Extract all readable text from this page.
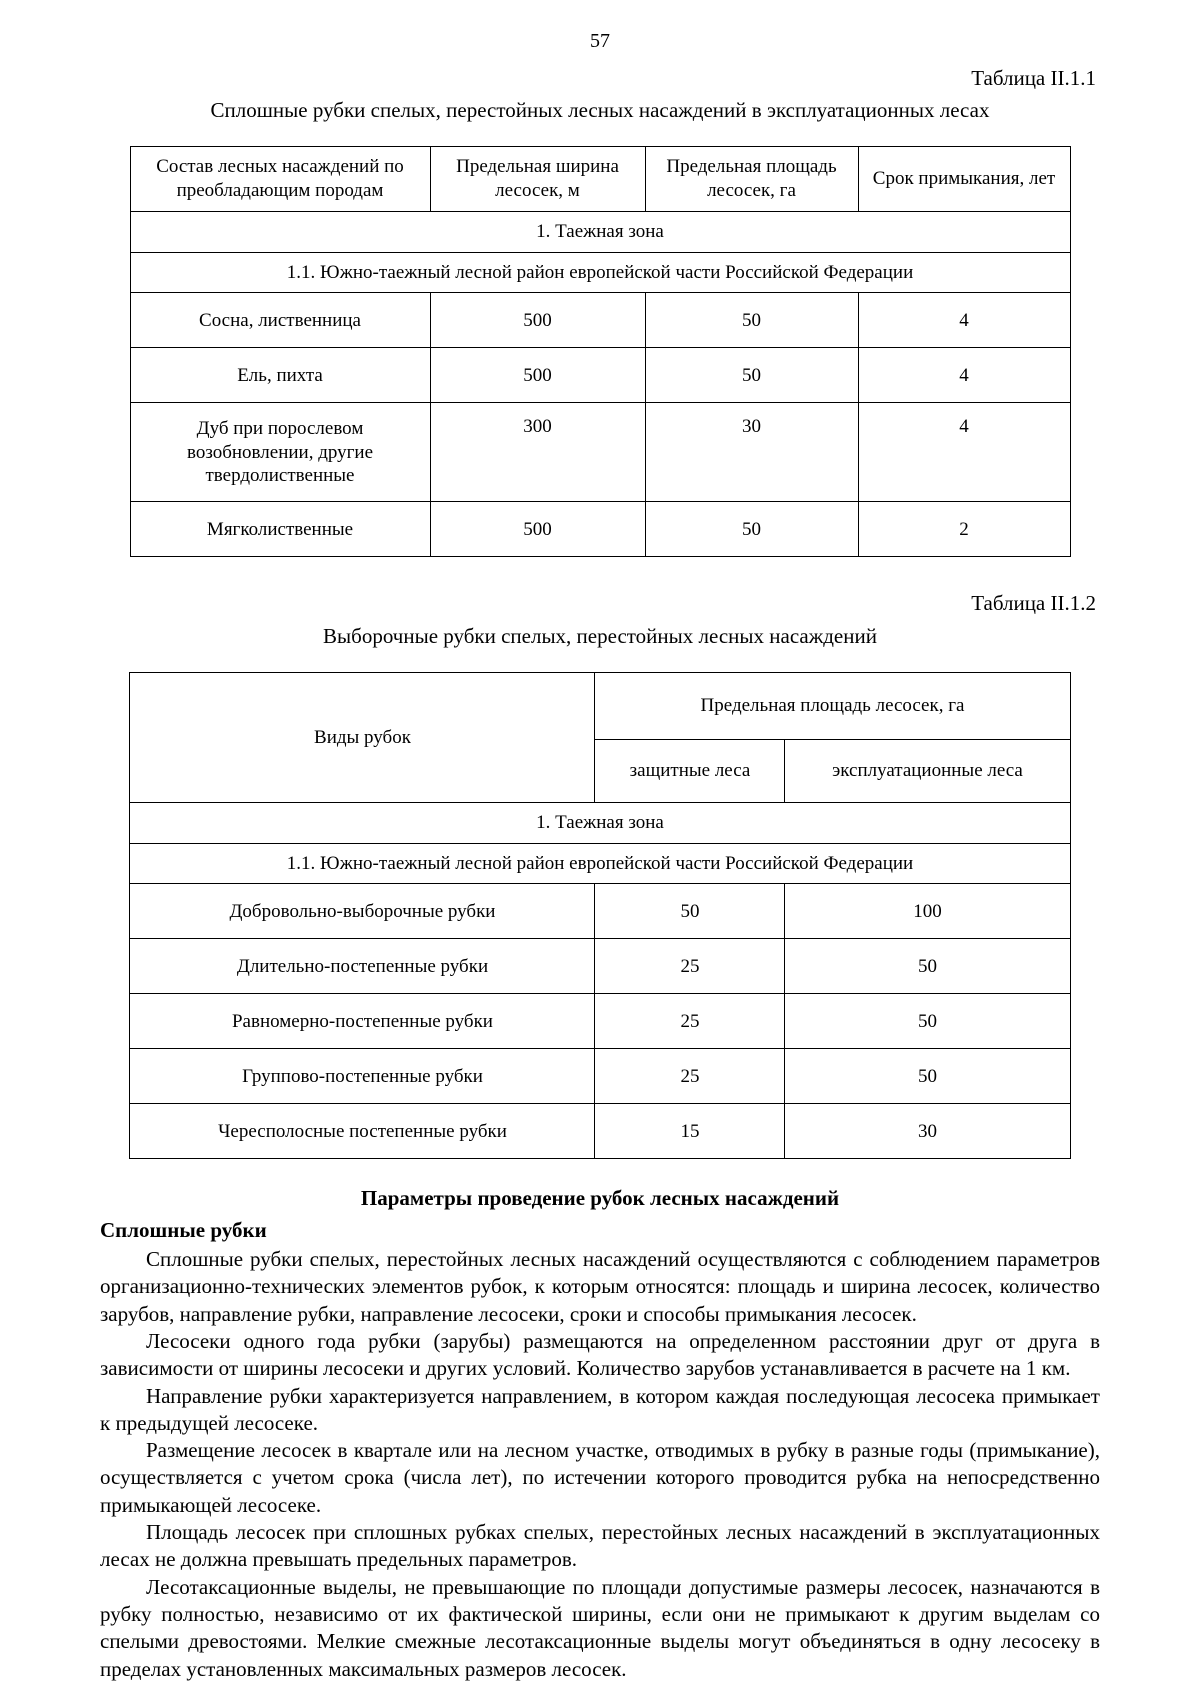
57
Таблица II.1.1
Сплошные рубки спелых, перестойных лесных насаждений в эксплуатационных лесах
Состав лесных насаждений по преобладающим породам	Предельная ширина лесосек, м	Предельная площадь лесосек, га	Срок примыкания, лет
1. Таежная зона			
1.1. Южно-таежный лесной район европейской части Российской Федерации			
Сосна, лиственница	500	50	4
Ель, пихта	500	50	4
Дуб при порослевом возобновлении, другие твердолиственные	300	30	4
Мягколиственные	500	50	2
Таблица II.1.2
Выборочные рубки спелых, перестойных лесных насаждений
Виды рубок	Предельная площадь лесосек, га	
	защитные леса	эксплуатационные леса
1. Таежная зона		
1.1. Южно-таежный лесной район европейской части Российской Федерации		
Добровольно-выборочные рубки	50	100
Длительно-постепенные рубки	25	50
Равномерно-постепенные рубки	25	50
Группово-постепенные рубки	25	50
Чересполосные постепенные рубки	15	30
Параметры проведение рубок лесных насаждений
Сплошные рубки

Сплошные рубки спелых, перестойных лесных насаждений осуществляются с соблюдением параметров организационно-технических элементов рубок, к которым относятся: площадь и ширина лесосек, количество зарубов, направление рубки, направление лесосеки, сроки и способы примыкания лесосек.

Лесосеки одного года рубки (зарубы) размещаются на определенном расстоянии друг от друга в зависимости от ширины лесосеки и других условий. Количество зарубов устанавливается в расчете на 1 км.

Направление рубки характеризуется направлением, в котором каждая последующая лесосека примыкает к предыдущей лесосеке.

Размещение лесосек в квартале или на лесном участке, отводимых в рубку в разные годы (примыкание), осуществляется с учетом срока (числа лет), по истечении которого проводится рубка на непосредственно примыкающей лесосеке.

Площадь лесосек при сплошных рубках спелых, перестойных лесных насаждений в эксплуатационных лесах не должна превышать предельных параметров.

Лесотаксационные выделы, не превышающие по площади допустимые размеры лесосек, назначаются в рубку полностью, независимо от их фактической ширины, если они не примыкают к другим выделам со спелыми древостоями. Мелкие смежные лесотаксационные выделы могут объединяться в одну лесосеку в пределах установленных максимальных размеров лесосек.
